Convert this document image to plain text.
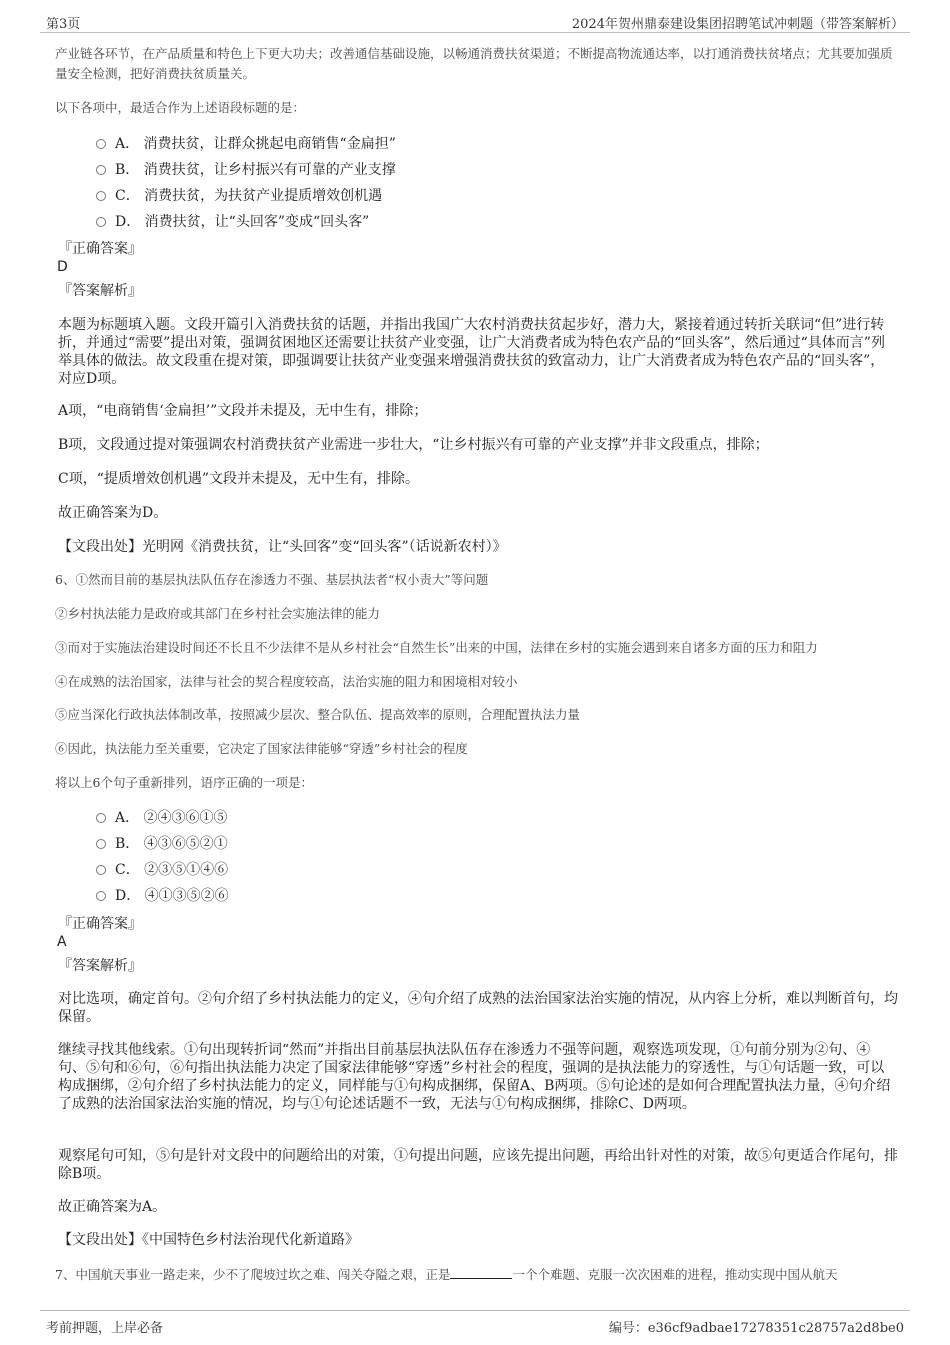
第3页	2024年贺州鼎泰建设集团招聘笔试冲刺题（带答案解析）
产业链各环节，在产品质量和特色上下更大功夫；改善通信基础设施，以畅通消费扶贫渠道；不断提高物流通达率，以打通消费扶贫堵点；尤其要加强质量安全检测，把好消费扶贫质量关。
以下各项中，最适合作为上述语段标题的是：
A． 消费扶贫，让群众挑起电商销售“金扁担”
B． 消费扶贫，让乡村振兴有可靠的产业支撑
C． 消费扶贫，为扶贫产业提质增效创机遇
D． 消费扶贫，让“头回客”变成“回头客”
『正确答案』
D
『答案解析』
本题为标题填入题。文段开篇引入消费扶贫的话题，并指出我国广大农村消费扶贫起步好，潜力大，紧接着通过转折关联词“但”进行转折，并通过“需要”提出对策，强调贫困地区还需要让扶贫产业变强，让广大消费者成为特色农产品的“回头客”，然后通过“具体而言”列举具体的做法。故文段重在提对策，即强调要让扶贫产业变强来增强消费扶贫的致富动力，让广大消费者成为特色农产品的“回头客”，对应D项。
A项，“电商销售‘金扁担’”文段并未提及，无中生有，排除；
B项，文段通过提对策强调农村消费扶贫产业需进一步壮大，“让乡村振兴有可靠的产业支撑”并非文段重点，排除；
C项，“提质增效创机遇”文段并未提及，无中生有，排除。
故正确答案为D。
【文段出处】光明网《消费扶贫，让“头回客”变“回头客”（话说新农村）》
6、①然而目前的基层执法队伍存在渗透力不强、基层执法者“权小责大”等问题
②乡村执法能力是政府或其部门在乡村社会实施法律的能力
③而对于实施法治建设时间还不长且不少法律不是从乡村社会“自然生长”出来的中国，法律在乡村的实施会遇到来自诸多方面的压力和阻力
④在成熟的法治国家，法律与社会的契合程度较高，法治实施的阻力和困境相对较小
⑤应当深化行政执法体制改革，按照减少层次、整合队伍、提高效率的原则，合理配置执法力量
⑥因此，执法能力至关重要，它决定了国家法律能够“穿透”乡村社会的程度
将以上6个句子重新排列，语序正确的一项是：
A． ②④③⑥①⑤
B． ④③⑥⑤②①
C． ②③⑤①④⑥
D． ④①③⑤②⑥
『正确答案』
A
『答案解析』
对比选项，确定首句。②句介绍了乡村执法能力的定义，④句介绍了成熟的法治国家法治实施的情况，从内容上分析，难以判断首句，均保留。
继续寻找其他线索。①句出现转折词“然而”并指出目前基层执法队伍存在渗透力不强等问题，观察选项发现，①句前分别为②句、④句、⑤句和⑥句，⑥句指出执法能力决定了国家法律能够“穿透”乡村社会的程度，强调的是执法能力的穿透性，与①句话题一致，可以构成捆绑，②句介绍了乡村执法能力的定义，同样能与①句构成捆绑，保留A、B两项。⑤句论述的是如何合理配置执法力量，④句介绍了成熟的法治国家法治实施的情况，均与①句论述话题不一致，无法与①句构成捆绑，排除C、D两项。
观察尾句可知，⑤句是针对文段中的问题给出的对策，①句提出问题，应该先提出问题，再给出针对性的对策，故⑤句更适合作尾句，排除B项。
故正确答案为A。
【文段出处】《中国特色乡村法治现代化新道路》
7、中国航天事业一路走来，少不了爬坡过坎之难、闯关夺隘之艰，正是	一个个难题、克服一次次困难的进程，推动实现中国从航天
考前押题，上岸必备	编号：e36cf9adbae17278351c28757a2d8be0
